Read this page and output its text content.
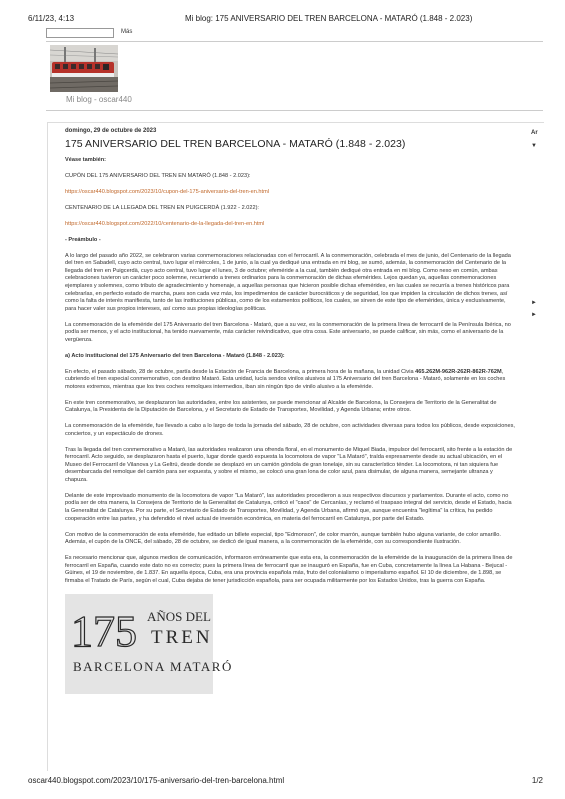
6/11/23, 4:13	Mi blog: 175 ANIVERSARIO DEL TREN BARCELONA - MATARÓ (1.848 - 2.023)
Más
Mi blog - oscar440
Ar
▼
►
►
domingo, 29 de octubre de 2023
175 ANIVERSARIO DEL TREN BARCELONA - MATARÓ (1.848 - 2.023)

Véase también:

CUPÓN DEL 175 ANIVERSARIO DEL TREN EN MATARÓ (1.848 - 2.023):

https://oscar440.blogspot.com/2023/10/cupon-del-175-aniversario-del-tren-en.html

CENTENARIO DE LA LLEGADA DEL TREN EN PUIGCERDÀ (1.922 - 2.022):

https://oscar440.blogspot.com/2022/10/centenario-de-la-llegada-del-tren-en.html

- Preámbulo -

A lo largo del pasado año 2022, se celebraron varias conmemoraciones relacionadas con el ferrocarril. A la conmemoración, celebrada el mes de junio, del Centenario de la llegada del tren en Sabadell, cuyo acto central, tuvo lugar el miércoles, 1 de junio, a la cual ya dediqué una entrada en mi blog, se sumó, además, la conmemoración del Centenario de la llegada del tren en Puigcerdà, cuyo acto central, tuvo lugar el lunes, 3 de octubre; efeméride a la cual, también dediqué otra entrada en mi blog. Como nexo en común, ambas celebraciones tuvieron un carácter poco solemne, recurriendo a trenes ordinarios para la conmemoración de dichas efemérides. Lejos quedan ya, aquellas conmemoraciones ejemplares y solemnes, como tributo de agradecimiento y homenaje, a aquellas personas que hicieron posible dichas efemérides, en las cuales se recurría a trenes históricos para celebrarlas, en perfecto estado de marcha, pues son cada vez más, los impedimentos de carácter burocráticos y de seguridad, los que impiden la circulación de dichos trenes, así como la falta de interés manifiesta, tanto de las instituciones públicas, como de los estamentos políticos, los cuales, se sirven de este tipo de efemérides, única y exclusivamente, para hacer valer sus propios intereses, así como sus propias ideologías políticas.

La conmemoración de la efeméride del 175 Aniversario del tren Barcelona - Mataró, que a su vez, es la conmemoración de la primera línea de ferrocarril de la Península Ibérica, no podía ser menos, y el acto institucional, ha tenido nuevamente, más carácter reivindicativo, que otra cosa. Este aniversario, se puede calificar, sin más, como el aniversario de la vergüenza.

a) Acto institucional del 175 Aniversario del tren Barcelona - Mataró (1.848 - 2.023):

En efecto, el pasado sábado, 28 de octubre, partía desde la Estación de Francia de Barcelona, a primera hora de la mañana, la unidad Civia 465.262M-962R-262R-862R-762M, cubriendo el tren especial conmemorativo, con destino Mataró. Esta unidad, lucía sendos vinilos alusivos al 175 Aniversario del tren Barcelona - Mataró, solamente en los coches motores extremos, mientras que los tres coches remolques intermedios, iban sin ningún tipo de vinilo alusivo a la efeméride.

En este tren conmemorativo, se desplazaron las autoridades, entre los asistentes, se puede mencionar al Alcalde de Barcelona, la Consejera de Territorio de la Generalitat de Catalunya, la Presidenta de la Diputación de Barcelona, y el Secretario de Estado de Transportes, Movilidad, y Agenda Urbana; entre otros.

La conmemoración de la efeméride, fue llevado a cabo a lo largo de toda la jornada del sábado, 28 de octubre, con actividades diversas para todos los públicos, desde exposiciones, conciertos, y un espectáculo de drones.

Tras la llegada del tren conmemorativo a Mataró, las autoridades realizaron una ofrenda floral, en el monumento de Miquel Biada, impulsor del ferrocarril, sito frente a la estación de ferrocarril. Acto seguido, se desplazaron hasta el puerto, lugar donde quedó expuesta la locomotora de vapor "La Mataró", traída expresamente desde su actual ubicación, en el Museo del Ferrocarril de Vilanova y La Geltrú, desde donde se desplazó en un camión góndola de gran tonelaje, sin su característico ténder. La locomotora, ni tan siquiera fue desembarcada del remolque del camión para ser expuesta, y sobre el mismo, se colocó una gran lona de color azul, para disimular, de alguna manera, semejante ultranza y chapuza.

Delante de este improvisado monumento de la locomotora de vapor "La Mataró", las autoridades procedieron a sus respectivos discursos y parlamentos. Durante el acto, como no podía ser de otra manera, la Consejera de Territorio de la Generalitat de Catalunya, criticó el "caos" de Cercanías, y reclamó el traspaso integral del servicio, desde el Estado, hacia la Generalitat de Catalunya. Por su parte, el Secretario de Estado de Transportes, Movilidad, y Agenda Urbana, afirmó que, aunque encuentra "legítima" la crítica, ha pedido cooperación entre las partes, y ha defendido el nivel actual de inversión económica, en materia del ferrocarril en Catalunya, por parte del Estado.

Con motivo de la conmemoración de esta efeméride, fue editado un billete especial, tipo "Edmonson", de color marrón, aunque también hubo alguna variante, de color amarillo. Además, el cupón de la ONCE, del sábado, 28 de octubre, se dedicó de igual manera, a la conmemoración de la efeméride, con su correspondiente ilustración.

Es necesario mencionar que, algunos medios de comunicación, informaron erróneamente que esta era, la conmemoración de la efeméride de la inauguración de la primera línea de ferrocarril en España, cuando este dato no es correcto; pues la primera línea de ferrocarril que se inauguró en España, fue en Cuba, concretamente la línea La Habana - Bejucal - Güines, el 19 de noviembre, de 1.837. En aquella época, Cuba, era una provincia española más, fruto del colonialismo o imperialismo español. El 10 de diciembre, de 1.898, se firmaba el Tratado de París, según el cual, Cuba dejaba de tener jurisdicción española, para ser ocupada militarmente por los Estados Unidos, tras la guerra con España.

175 AÑOS DEL
TREN
BARCELONA MATARÓ
oscar440.blogspot.com/2023/10/175-aniversario-del-tren-barcelona.html	1/2
